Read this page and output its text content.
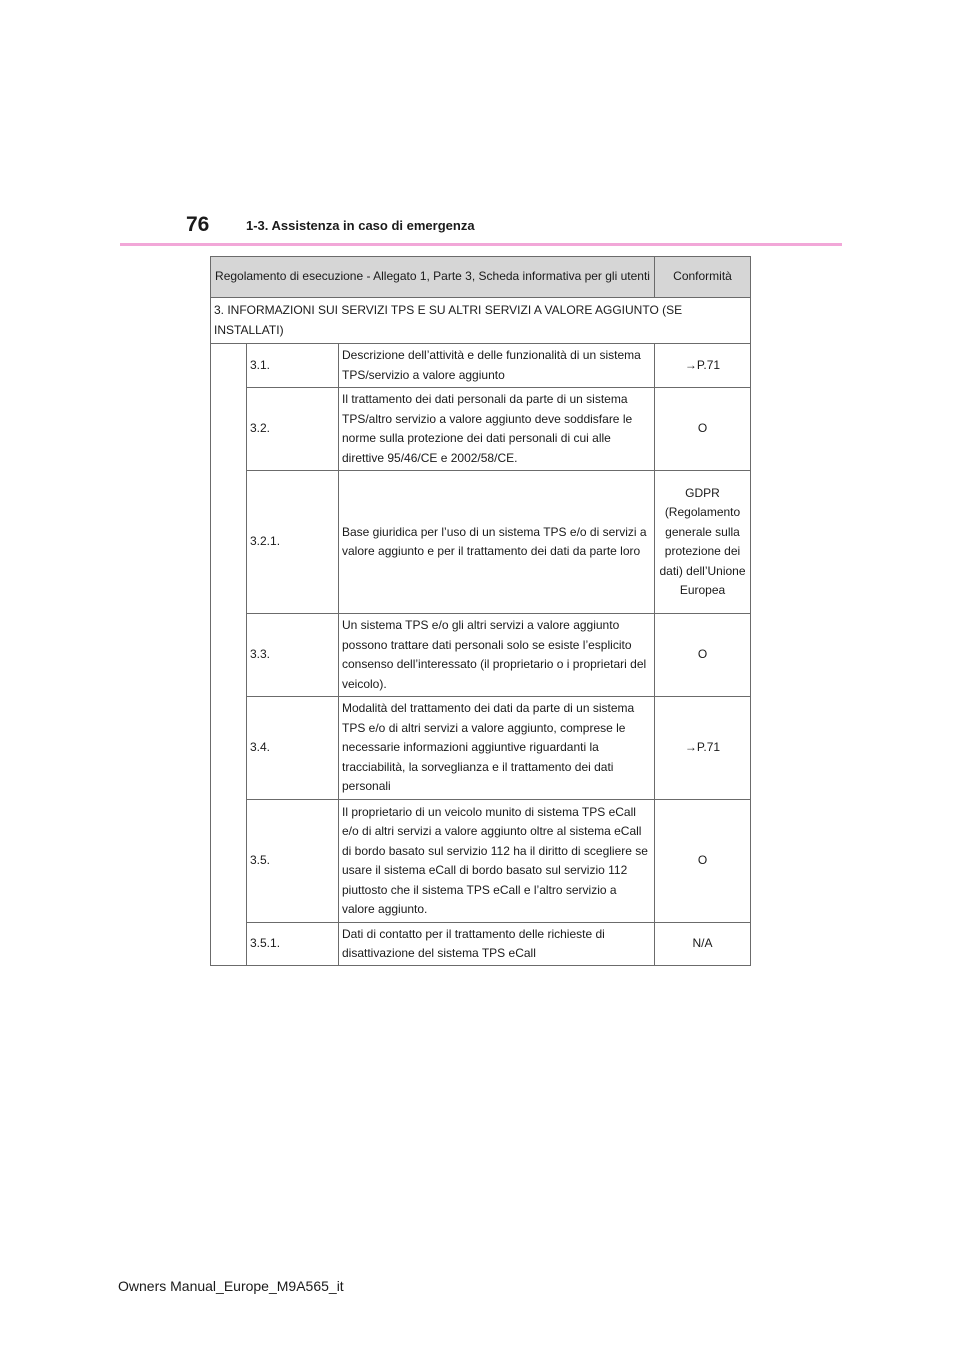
76	1-3. Assistenza in caso di emergenza
Regolamento di esecuzione - Allegato 1, Parte 3, Scheda informativa per gli utenti			Conformità
3. INFORMAZIONI SUI SERVIZI TPS E SU ALTRI SERVIZI A VALORE AGGIUNTO (SE INSTALLATI)			
	3.1.	Descrizione dell’attività e delle funzionalità di un sistema TPS/servizio a valore aggiunto	→P.71
	3.2.	Il trattamento dei dati personali da parte di un sistema TPS/altro servizio a valore aggiunto deve soddisfare le norme sulla protezione dei dati personali di cui alle direttive 95/46/CE e 2002/58/CE.	O
	3.2.1.	Base giuridica per l’uso di un sistema TPS e/o di servizi a valore aggiunto e per il trattamento dei dati da parte loro	GDPR (Regolamento generale sulla protezione dei dati) dell’Unione Europea
	3.3.	Un sistema TPS e/o gli altri servizi a valore aggiunto possono trattare dati personali solo se esiste l’esplicito consenso dell’interessato (il proprietario o i proprietari del veicolo).	O
	3.4.	Modalità del trattamento dei dati da parte di un sistema TPS e/o di altri servizi a valore aggiunto, comprese le necessarie informazioni aggiuntive riguardanti la tracciabilità, la sorveglianza e il trattamento dei dati personali	→P.71
	3.5.	Il proprietario di un veicolo munito di sistema TPS eCall e/o di altri servizi a valore aggiunto oltre al sistema eCall di bordo basato sul servizio 112 ha il diritto di scegliere se usare il sistema eCall di bordo basato sul servizio 112 piuttosto che il sistema TPS eCall e l’altro servizio a valore aggiunto.	O
	3.5.1.	Dati di contatto per il trattamento delle richieste di disattivazione del sistema TPS eCall	N/A
Owners Manual_Europe_M9A565_it
